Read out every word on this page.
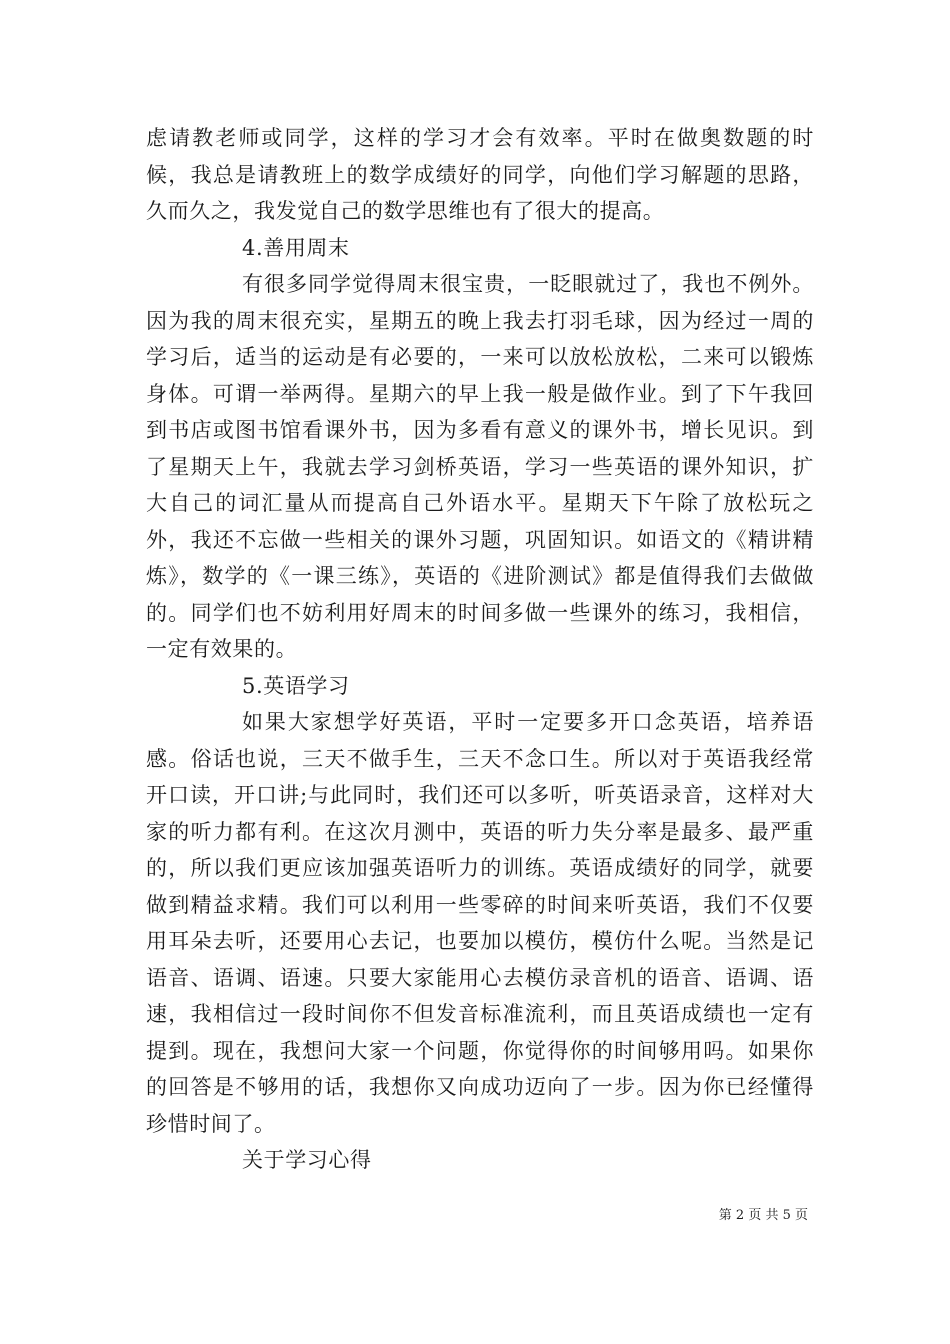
虑请教老师或同学，这样的学习才会有效率。平时在做奥数题的时候，我总是请教班上的数学成绩好的同学，向他们学习解题的思路，久而久之，我发觉自己的数学思维也有了很大的提高。

4.善用周末

有很多同学觉得周末很宝贵，一眨眼就过了，我也不例外。因为我的周末很充实，星期五的晚上我去打羽毛球，因为经过一周的学习后，适当的运动是有必要的，一来可以放松放松，二来可以锻炼身体。可谓一举两得。星期六的早上我一般是做作业。到了下午我回到书店或图书馆看课外书，因为多看有意义的课外书，增长见识。到了星期天上午，我就去学习剑桥英语，学习一些英语的课外知识，扩大自己的词汇量从而提高自己外语水平。星期天下午除了放松玩之外，我还不忘做一些相关的课外习题，巩固知识。如语文的《精讲精炼》，数学的《一课三练》，英语的《进阶测试》都是值得我们去做做的。同学们也不妨利用好周末的时间多做一些课外的练习，我相信，一定有效果的。

5.英语学习

如果大家想学好英语，平时一定要多开口念英语，培养语感。俗话也说，三天不做手生，三天不念口生。所以对于英语我经常开口读，开口讲;与此同时，我们还可以多听，听英语录音，这样对大家的听力都有利。在这次月测中，英语的听力失分率是最多、最严重的，所以我们更应该加强英语听力的训练。英语成绩好的同学，就要做到精益求精。我们可以利用一些零碎的时间来听英语，我们不仅要用耳朵去听，还要用心去记，也要加以模仿，模仿什么呢。当然是记语音、语调、语速。只要大家能用心去模仿录音机的语音、语调、语速，我相信过一段时间你不但发音标准流利，而且英语成绩也一定有提到。现在，我想问大家一个问题，你觉得你的时间够用吗。如果你的回答是不够用的话，我想你又向成功迈向了一步。因为你已经懂得珍惜时间了。

关于学习心得

第 2 页 共 5 页
